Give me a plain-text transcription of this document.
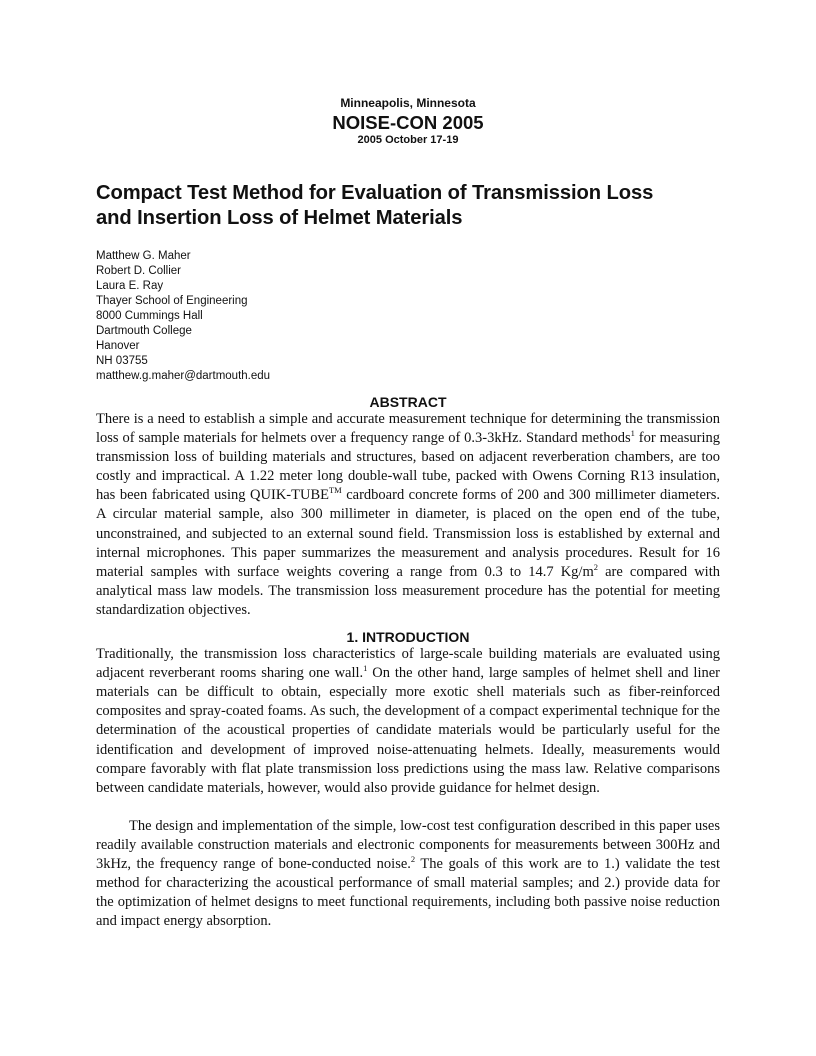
Minneapolis, Minnesota
NOISE-CON 2005
2005 October 17-19
Compact Test Method for Evaluation of Transmission Loss
and Insertion Loss of Helmet Materials
Matthew G. Maher
Robert D. Collier
Laura E. Ray
Thayer School of Engineering
8000 Cummings Hall
Dartmouth College
Hanover
NH 03755
matthew.g.maher@dartmouth.edu
ABSTRACT

There is a need to establish a simple and accurate measurement technique for determining the transmission loss of sample materials for helmets over a frequency range of 0.3-3kHz. Standard methods$^1$ for measuring transmission loss of building materials and structures, based on adjacent reverberation chambers, are too costly and impractical. A 1.22 meter long double-wall tube, packed with Owens Corning R13 insulation, has been fabricated using QUIK-TUBE™ cardboard concrete forms of 200 and 300 millimeter diameters. A circular material sample, also 300 millimeter in diameter, is placed on the open end of the tube, unconstrained, and subjected to an external sound field. Transmission loss is established by external and internal microphones. This paper summarizes the measurement and analysis procedures. Result for 16 material samples with surface weights covering a range from 0.3 to 14.7 $Kg/m^2$ are compared with analytical mass law models. The transmission loss measurement procedure has the potential for meeting standardization objectives.

1. INTRODUCTION

Traditionally, the transmission loss characteristics of large-scale building materials are evaluated using adjacent reverberant rooms sharing one wall.$^1$ On the other hand, large samples of helmet shell and liner materials can be difficult to obtain, especially more exotic shell materials such as fiber-reinforced composites and spray-coated foams. As such, the development of a compact experimental technique for the determination of the acoustical properties of candidate materials would be particularly useful for the identification and development of improved noise-attenuating helmets. Ideally, measurements would compare favorably with flat plate transmission loss predictions using the mass law. Relative comparisons between candidate materials, however, would also provide guidance for helmet design.

The design and implementation of the simple, low-cost test configuration described in this paper uses readily available construction materials and electronic components for measurements between 300Hz and 3kHz, the frequency range of bone-conducted noise.$^2$ The goals of this work are to 1.) validate the test method for characterizing the acoustical performance of small material samples; and 2.) provide data for the optimization of helmet designs to meet functional requirements, including both passive noise reduction and impact energy absorption.
